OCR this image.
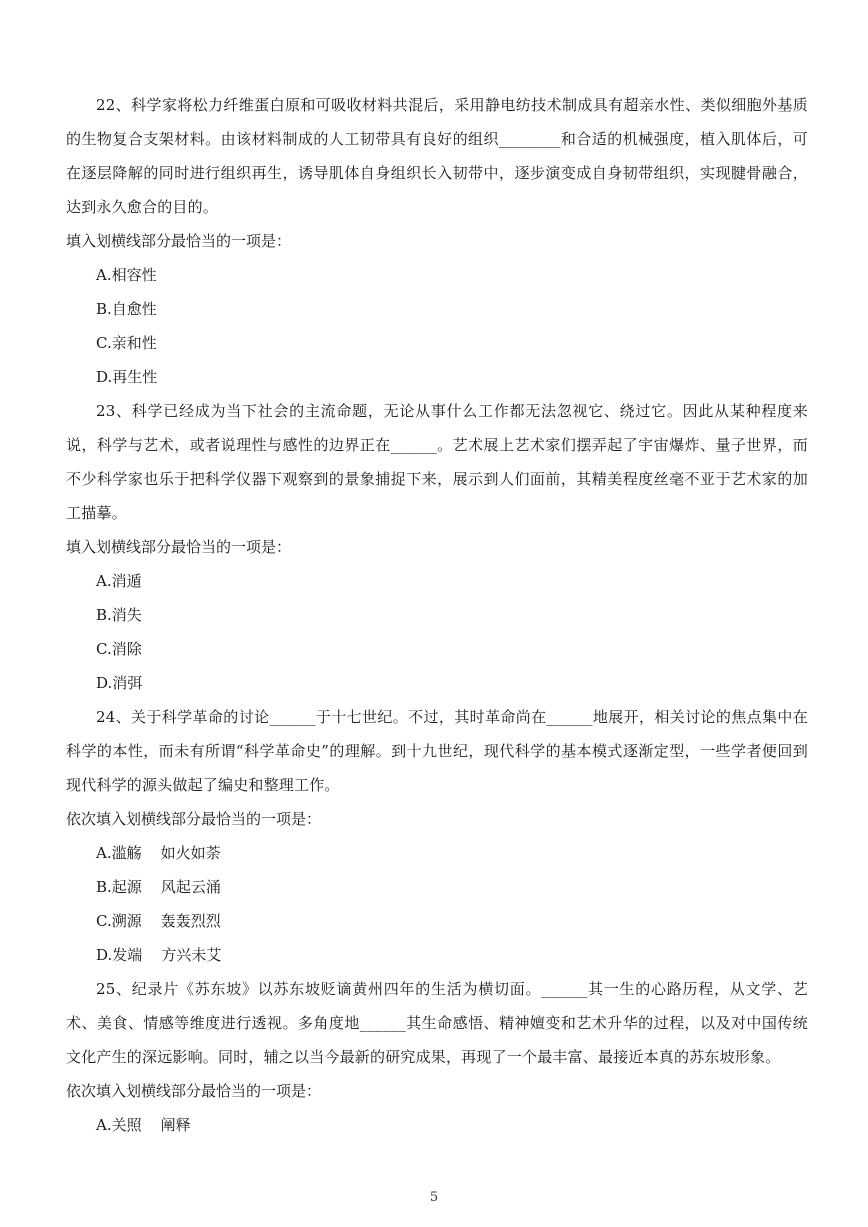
22、科学家将松力纤维蛋白原和可吸收材料共混后，采用静电纺技术制成具有超亲水性、类似细胞外基质的生物复合支架材料。由该材料制成的人工韧带具有良好的组织________和合适的机械强度，植入肌体后，可在逐层降解的同时进行组织再生，诱导肌体自身组织长入韧带中，逐步演变成自身韧带组织，实现腱骨融合，达到永久愈合的目的。

填入划横线部分最恰当的一项是：

A.相容性

B.自愈性

C.亲和性

D.再生性

23、科学已经成为当下社会的主流命题，无论从事什么工作都无法忽视它、绕过它。因此从某种程度来说，科学与艺术，或者说理性与感性的边界正在______。艺术展上艺术家们摆弄起了宇宙爆炸、量子世界，而不少科学家也乐于把科学仪器下观察到的景象捕捉下来，展示到人们面前，其精美程度丝毫不亚于艺术家的加工描摹。

填入划横线部分最恰当的一项是：

A.消遁

B.消失

C.消除

D.消弭

24、关于科学革命的讨论______于十七世纪。不过，其时革命尚在______地展开，相关讨论的焦点集中在科学的本性，而未有所谓“科学革命史”的理解。到十九世纪，现代科学的基本模式逐渐定型，一些学者便回到现代科学的源头做起了编史和整理工作。

依次填入划横线部分最恰当的一项是：

A.滥觞    如火如荼

B.起源    风起云涌

C.溯源    轰轰烈烈

D.发端    方兴未艾

25、纪录片《苏东坡》以苏东坡贬谪黄州四年的生活为横切面。______其一生的心路历程，从文学、艺术、美食、情感等维度进行透视。多角度地______其生命感悟、精神嬗变和艺术升华的过程，以及对中国传统文化产生的深远影响。同时，辅之以当今最新的研究成果，再现了一个最丰富、最接近本真的苏东坡形象。

依次填入划横线部分最恰当的一项是：

A.关照    阐释

5
